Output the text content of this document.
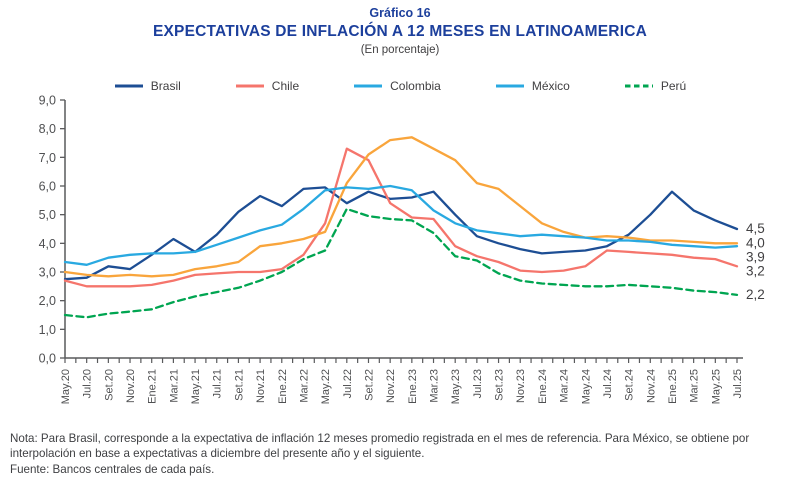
Gráfico 16

EXPECTATIVAS DE INFLACIÓN A 12 MESES EN LATINOAMERICA

(En porcentaje)

Brasil	Chile	Colombia	México	Perú
0,0
1,0
2,0
3,0
4,0
5,0
6,0
7,0
8,0
9,0
May.20 Jul.20 Set.20 Nov.20 Ene.21 Mar.21 May.21 Jul.21 Set.21 Nov.21 Ene.22 Mar.22 May.22 Jul.22 Set.22 Nov.22 Ene.23 Mar.23 May.23 Jul.23 Set.23 Nov.23 Ene.24 Mar.24 May.24 Jul.24 Set.24 Nov.24 Ene.25 Mar.25 May.25 Jul.25
4,5
4,0
3,9
3,2
2,2

Nota: Para Brasil, corresponde a la expectativa de inflación 12 meses promedio registrada en el mes de referencia. Para México, se obtiene por interpolación en base a expectativas a diciembre del presente año y el siguiente.

Fuente: Bancos centrales de cada país.
